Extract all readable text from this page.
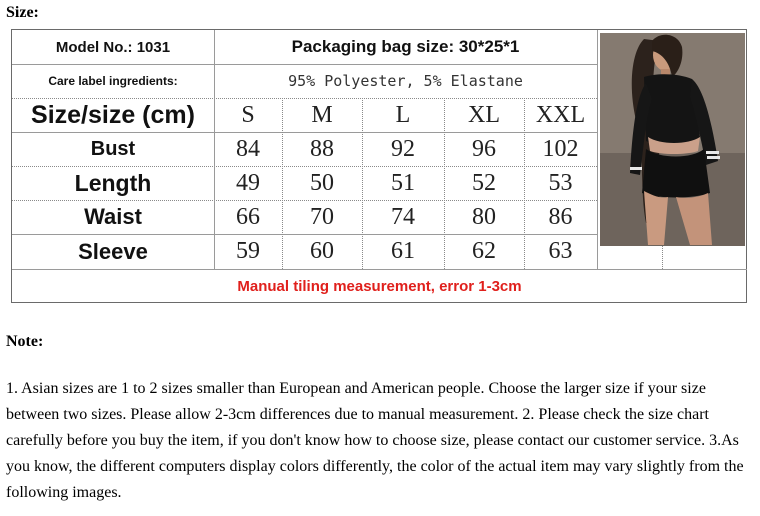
Size:
Model No.: 1031	Packaging bag size: 30*25*1
Care label ingredients:	95% Polyester, 5% Elastane
Size/size (cm)	S	M	L	XL	XXL
Bust	84	88	92	96	102
Length	49	50	51	52	53
Waist	66	70	74	80	86
Sleeve	59	60	61	62	63
Manual tiling measurement, error 1-3cm
Note:
1. Asian sizes are 1 to 2 sizes smaller than European and American people. Choose the larger size if your size between two sizes. Please allow 2-3cm differences due to manual measurement. 2. Please check the size chart carefully before you buy the item, if you don't know how to choose size, please contact our customer service. 3.As you know, the different computers display colors differently, the color of the actual item may vary slightly from the following images.
